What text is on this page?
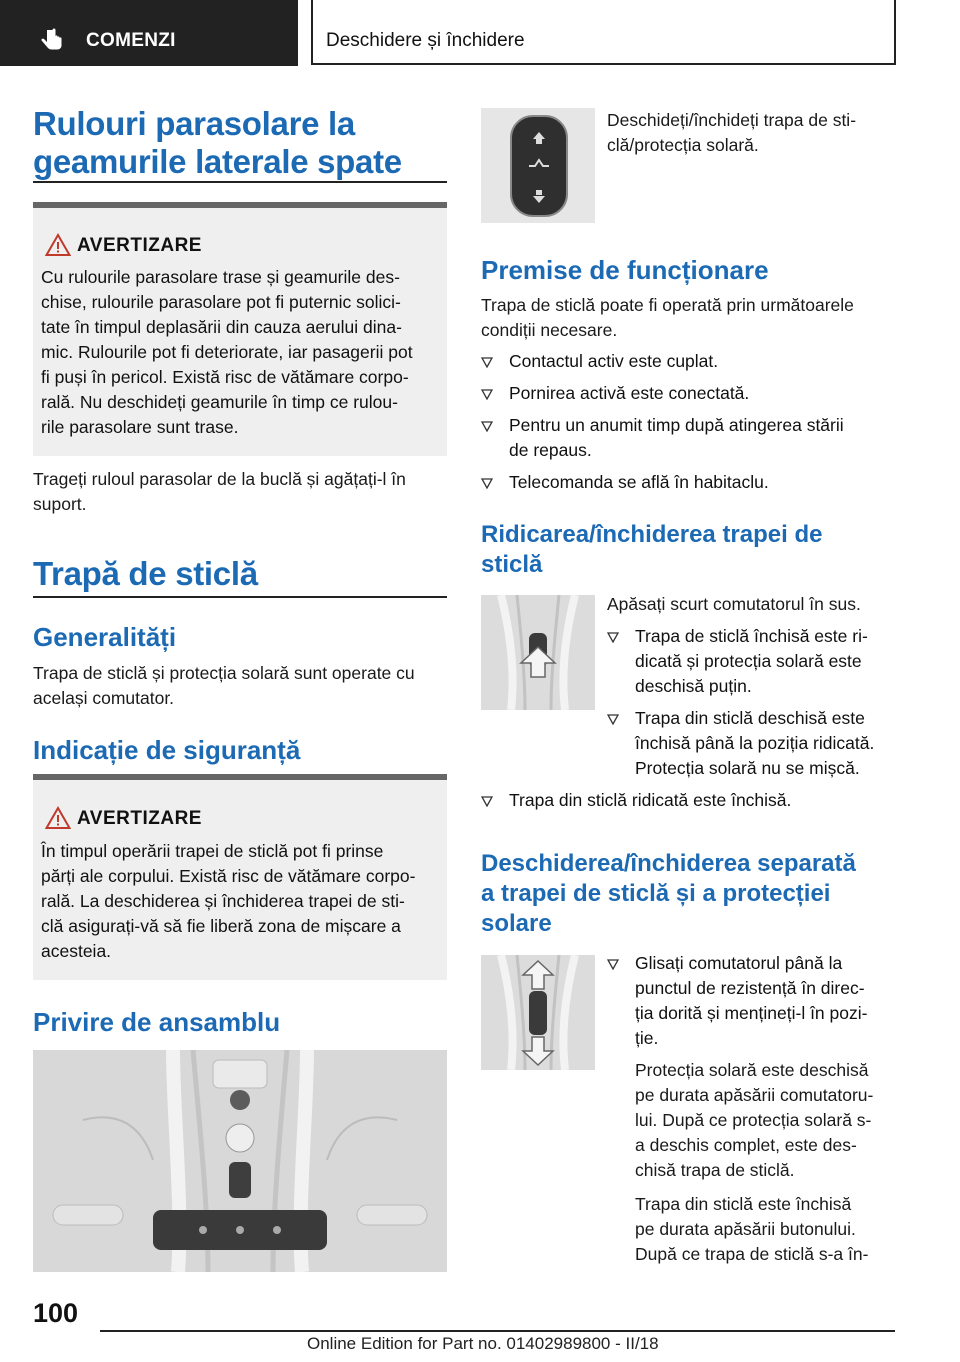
COMENZI	Deschidere și închidere
Rulouri parasolare la
geamurile laterale spate
AVERTIZARE
Cu rulourile parasolare trase și geamurile des-
chise, rulourile parasolare pot fi puternic solici-
tate în timpul deplasării din cauza aerului dina-
mic. Rulourile pot fi deteriorate, iar pasagerii pot
fi puși în pericol. Există risc de vătămare corpo-
rală. Nu deschideți geamurile în timp ce rulou-
rile parasolare sunt trase.
Trageți ruloul parasolar de la buclă și agățați-l în
suport.
Trapă de sticlă
Generalități
Trapa de sticlă și protecția solară sunt operate cu
același comutator.
Indicație de siguranță
AVERTIZARE
În timpul operării trapei de sticlă pot fi prinse
părți ale corpului. Există risc de vătămare corpo-
rală. La deschiderea și închiderea trapei de sti-
clă asigurați-vă să fie liberă zona de mișcare a
acesteia.
Privire de ansamblu
Deschideți/închideți trapa de sti-
clă/protecția solară.
Premise de funcționare
Trapa de sticlă poate fi operată prin următoarele
condiții necesare.
Contactul activ este cuplat.
Pornirea activă este conectată.
Pentru un anumit timp după atingerea stării
de repaus.
Telecomanda se află în habitaclu.
Ridicarea/închiderea trapei de
sticlă
Apăsați scurt comutatorul în sus.
Trapa de sticlă închisă este ri-
dicată și protecția solară este
deschisă puțin.
Trapa din sticlă deschisă este
închisă până la poziția ridicată.
Protecția solară nu se mișcă.
Trapa din sticlă ridicată este închisă.
Deschiderea/închiderea separată
a trapei de sticlă și a protecției
solare
Glisați comutatorul până la
punctul de rezistență în direc-
ția dorită și mențineți-l în pozi-
ție.
Protecția solară este deschisă
pe durata apăsării comutatoru-
lui. După ce protecția solară s-
a deschis complet, este des-
chisă trapa de sticlă.
Trapa din sticlă este închisă
pe durata apăsării butonului.
După ce trapa de sticlă s-a în-
100
Online Edition for Part no. 01402989800 - II/18
